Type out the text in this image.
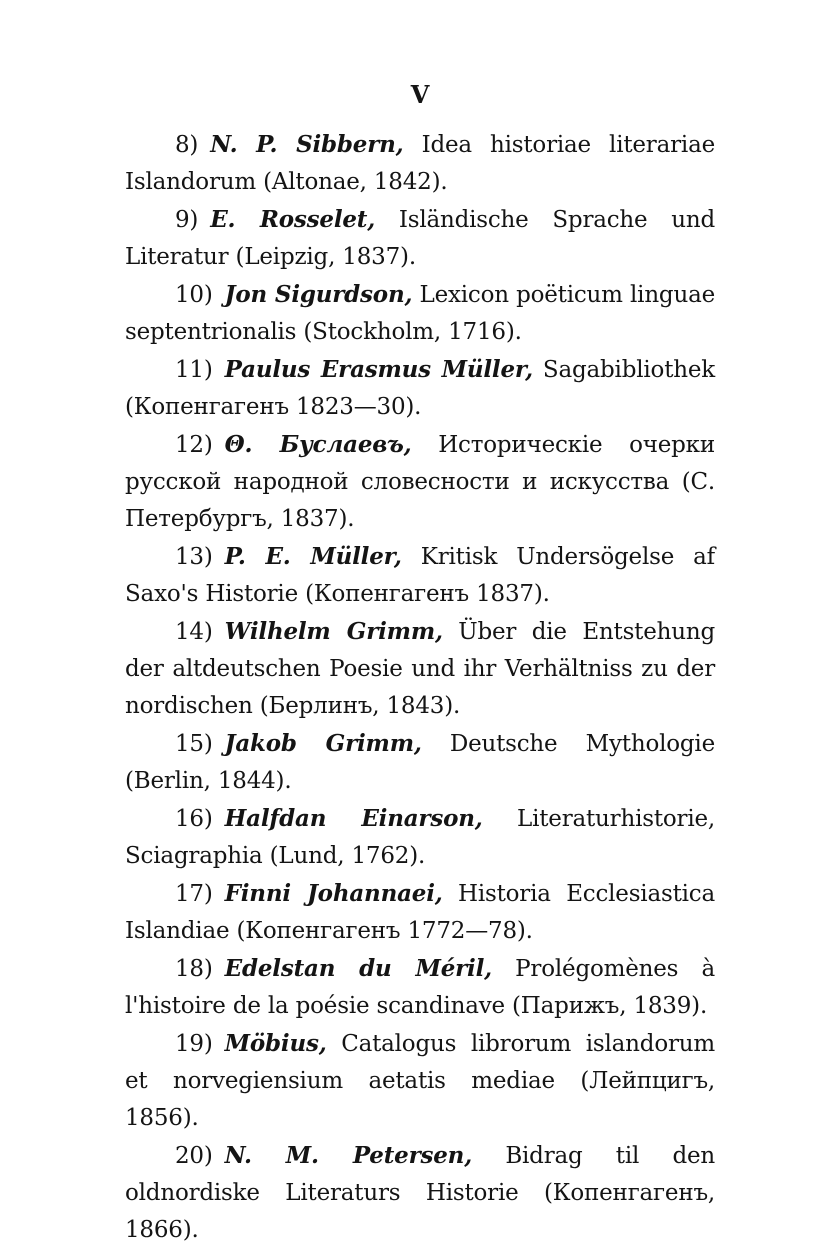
V

8) N. P. Sibbern, Idea historiae literariae Islandorum (Altonae, 1842).

9) E. Rosselet, Isländische Sprache und Literatur (Leipzig, 1837).

10) Jon Sigurdson, Lexicon poëticum linguae septentrionalis (Stockholm, 1716).

11) Paulus Erasmus Müller, Sagabibliothek (Копенгагенъ 1823—30).

12) Θ. Буслаевъ, Историческіе очерки русской народной словесности и искусства (С. Петербургъ, 1837).

13) P. E. Müller, Kritisk Undersögelse af Saxo's Historie (Копенгагенъ 1837).

14) Wilhelm Grimm, Über die Entstehung der altdeutschen Poesie und ihr Verhältniss zu der nordischen (Берлинъ, 1843).

15) Jakob Grimm, Deutsche Mythologie (Berlin, 1844).

16) Halfdan Einarson, Literaturhistorie, Sciagraphia (Lund, 1762).

17) Finni Johannaei, Historia Ecclesiastica Islandiae (Копенгагенъ 1772—78).

18) Edelstan du Méril, Prolégomènes à l'histoire de la poésie scandinave (Парижъ, 1839).

19) Möbius, Catalogus librorum islandorum et norvegiensium aetatis mediae (Лейпцигъ, 1856).

20) N. M. Petersen, Bidrag til den oldnordiske Literaturs Historie (Копенгагенъ, 1866).
